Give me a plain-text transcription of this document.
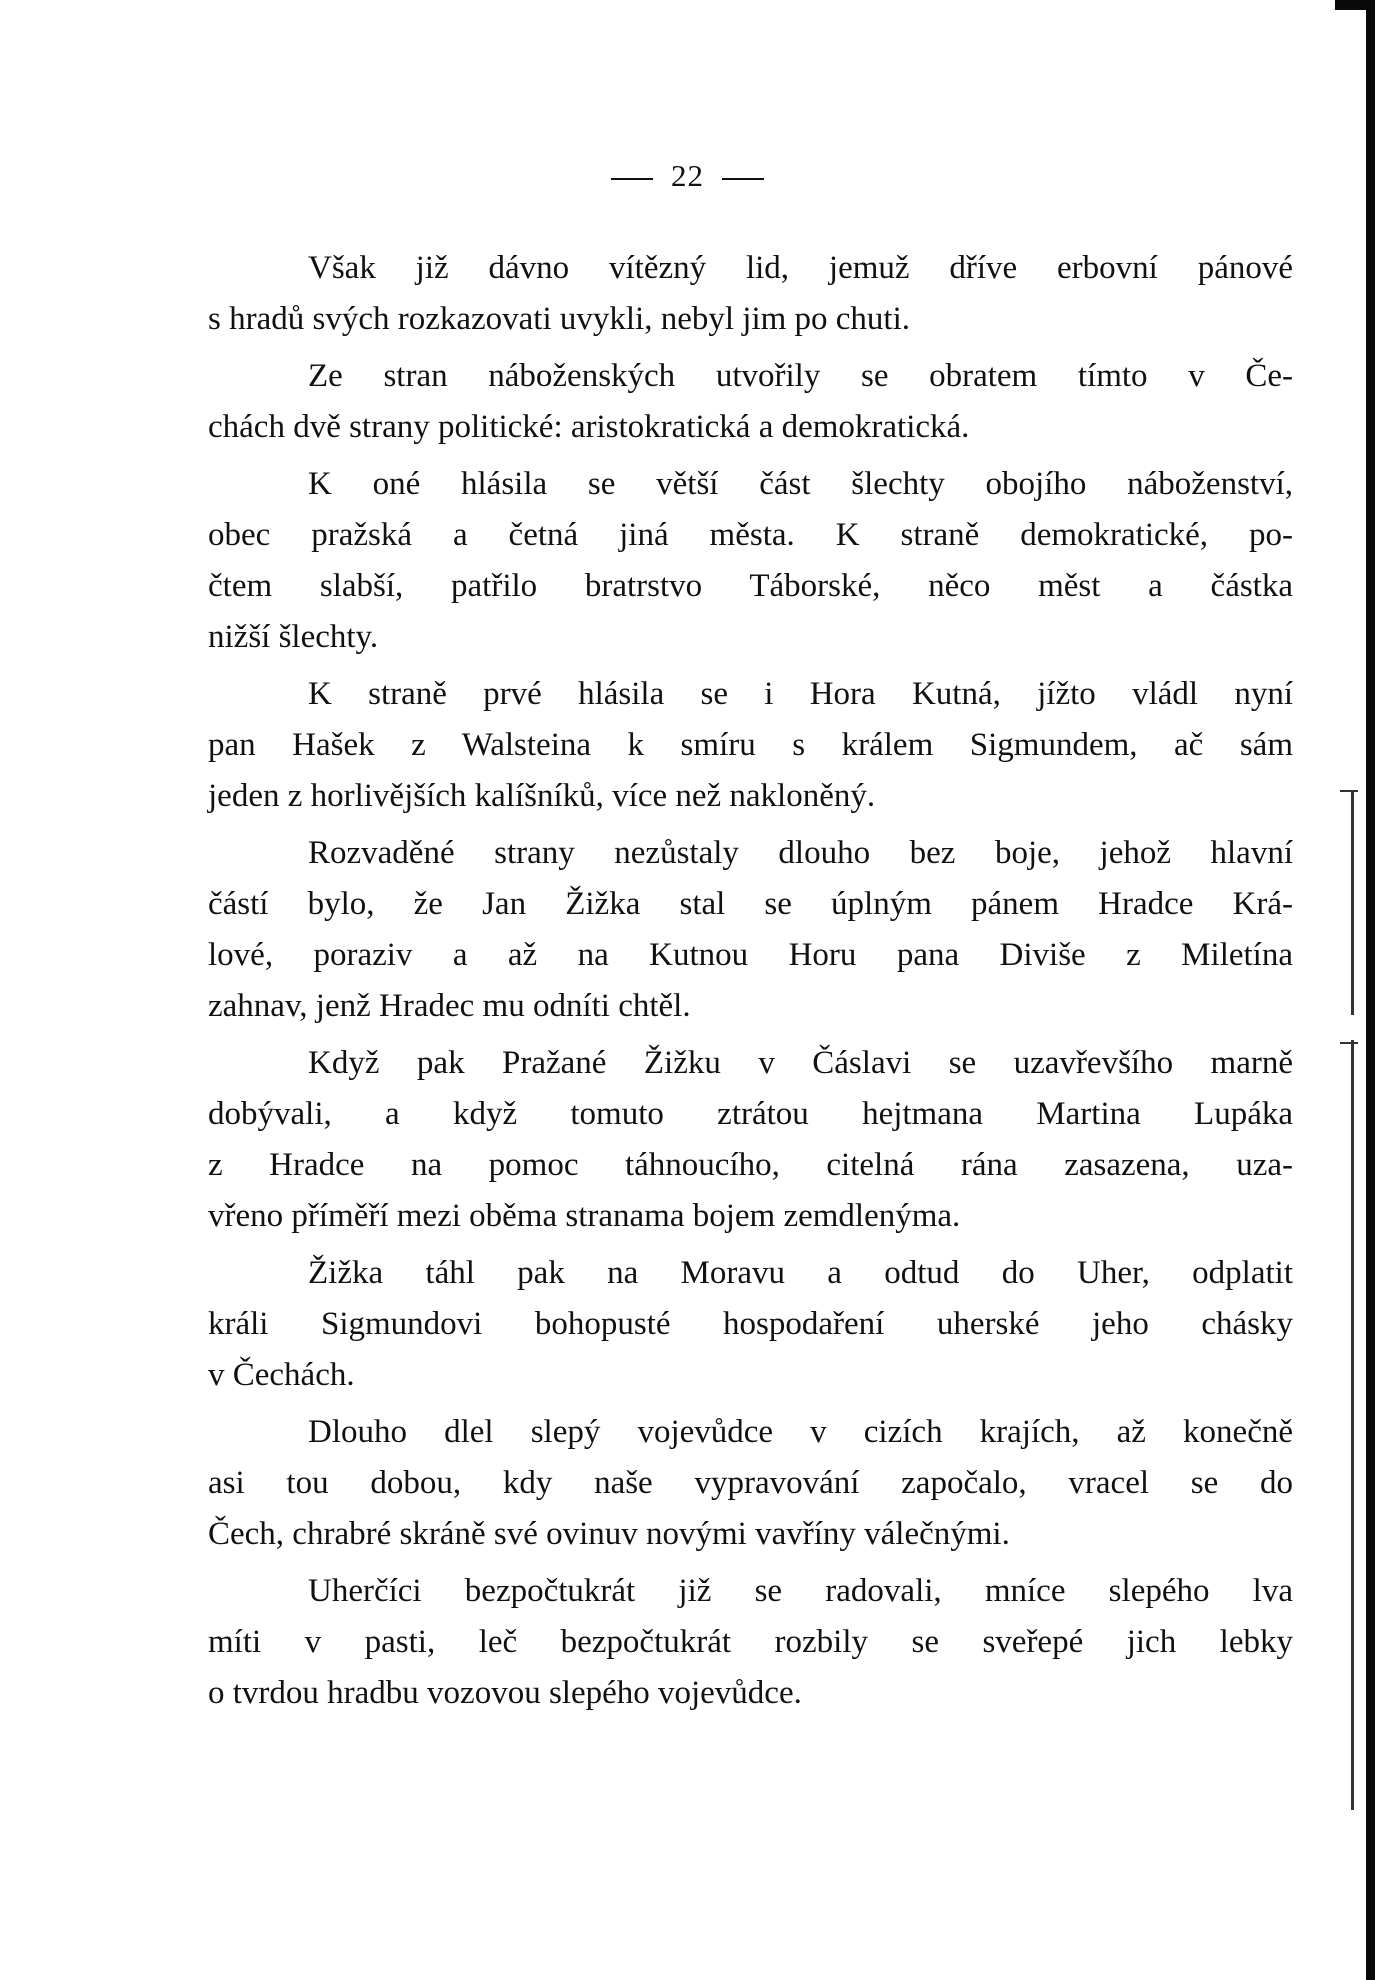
22
Však již dávno vítězný lid, jemuž dříve erbovní pánové
s hradů svých rozkazovati uvykli, nebyl jim po chuti.
Ze stran náboženských utvořily se obratem tímto v Če-
chách dvě strany politické: aristokratická a demokratická.
K oné hlásila se větší část šlechty obojího náboženství,
obec pražská a četná jiná města. K straně demokratické, po-
čtem slabší, patřilo bratrstvo Táborské, něco měst a částka
nižší šlechty.
K straně prvé hlásila se i Hora Kutná, jížto vládl nyní
pan Hašek z Walsteina k smíru s králem Sigmundem, ač sám
jeden z horlivějších kalíšníků, více než nakloněný.
Rozvaděné strany nezůstaly dlouho bez boje, jehož hlavní
částí bylo, že Jan Žižka stal se úplným pánem Hradce Krá-
lové, poraziv a až na Kutnou Horu pana Diviše z Miletína
zahnav, jenž Hradec mu odníti chtěl.
Když pak Pražané Žižku v Čáslavi se uzavřevšího marně
dobývali, a když tomuto ztrátou hejtmana Martina Lupáka
z Hradce na pomoc táhnoucího, citelná rána zasazena, uza-
vřeno příměří mezi oběma stranama bojem zemdlenýma.
Žižka táhl pak na Moravu a odtud do Uher, odplatit
králi Sigmundovi bohopusté hospodaření uherské jeho chásky
v Čechách.
Dlouho dlel slepý vojevůdce v cizích krajích, až konečně
asi tou dobou, kdy naše vypravování započalo, vracel se do
Čech, chrabré skráně své ovinuv novými vavříny válečnými.
Uherčíci bezpočtukrát již se radovali, mníce slepého lva
míti v pasti, leč bezpočtukrát rozbily se sveřepé jich lebky
o tvrdou hradbu vozovou slepého vojevůdce.
